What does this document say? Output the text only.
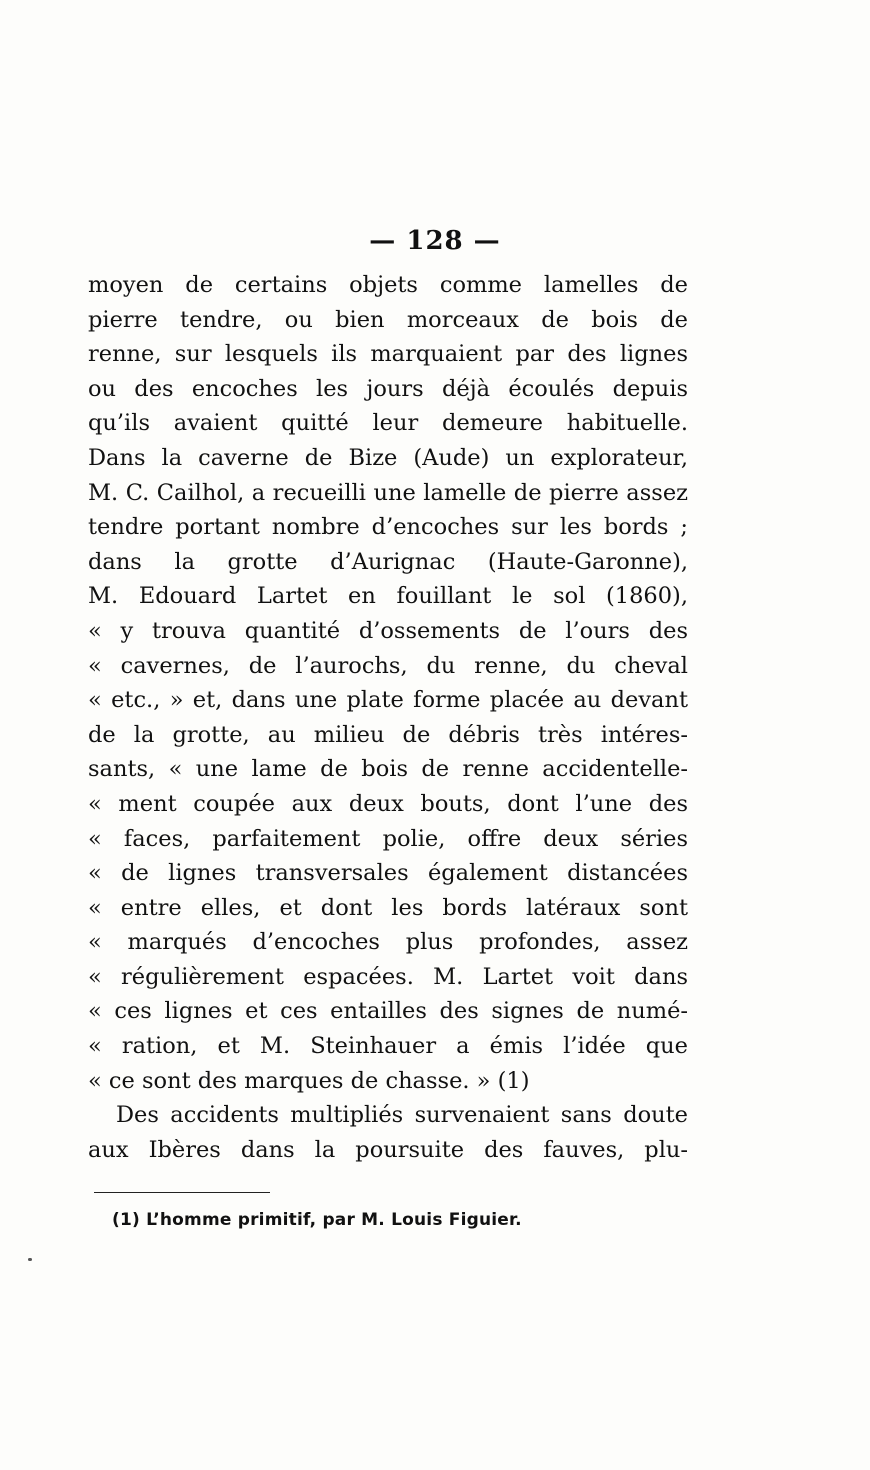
— 128 —
moyen de certains objets comme lamelles de
pierre tendre, ou bien morceaux de bois de
renne, sur lesquels ils marquaient par des lignes
ou des encoches les jours déjà écoulés depuis
qu’ils avaient quitté leur demeure habituelle.
Dans la caverne de Bize (Aude) un explorateur,
M. C. Cailhol, a recueilli une lamelle de pierre assez
tendre portant nombre d’encoches sur les bords ;
dans la grotte d’Aurignac (Haute-Garonne),
M. Edouard Lartet en fouillant le sol (1860),
« y trouva quantité d’ossements de l’ours des
« cavernes, de l’aurochs, du renne, du cheval
« etc., » et, dans une plate forme placée au devant
de la grotte, au milieu de débris très intéres-
sants, « une lame de bois de renne accidentelle-
« ment coupée aux deux bouts, dont l’une des
« faces, parfaitement polie, offre deux séries
« de lignes transversales également distancées
« entre elles, et dont les bords latéraux sont
« marqués d’encoches plus profondes, assez
« régulièrement espacées. M. Lartet voit dans
« ces lignes et ces entailles des signes de numé-
« ration, et M. Steinhauer a émis l’idée que
« ce sont des marques de chasse. » (1)
Des accidents multipliés survenaient sans doute
aux Ibères dans la poursuite des fauves, plu-
(1) L’homme primitif, par M. Louis Figuier.
